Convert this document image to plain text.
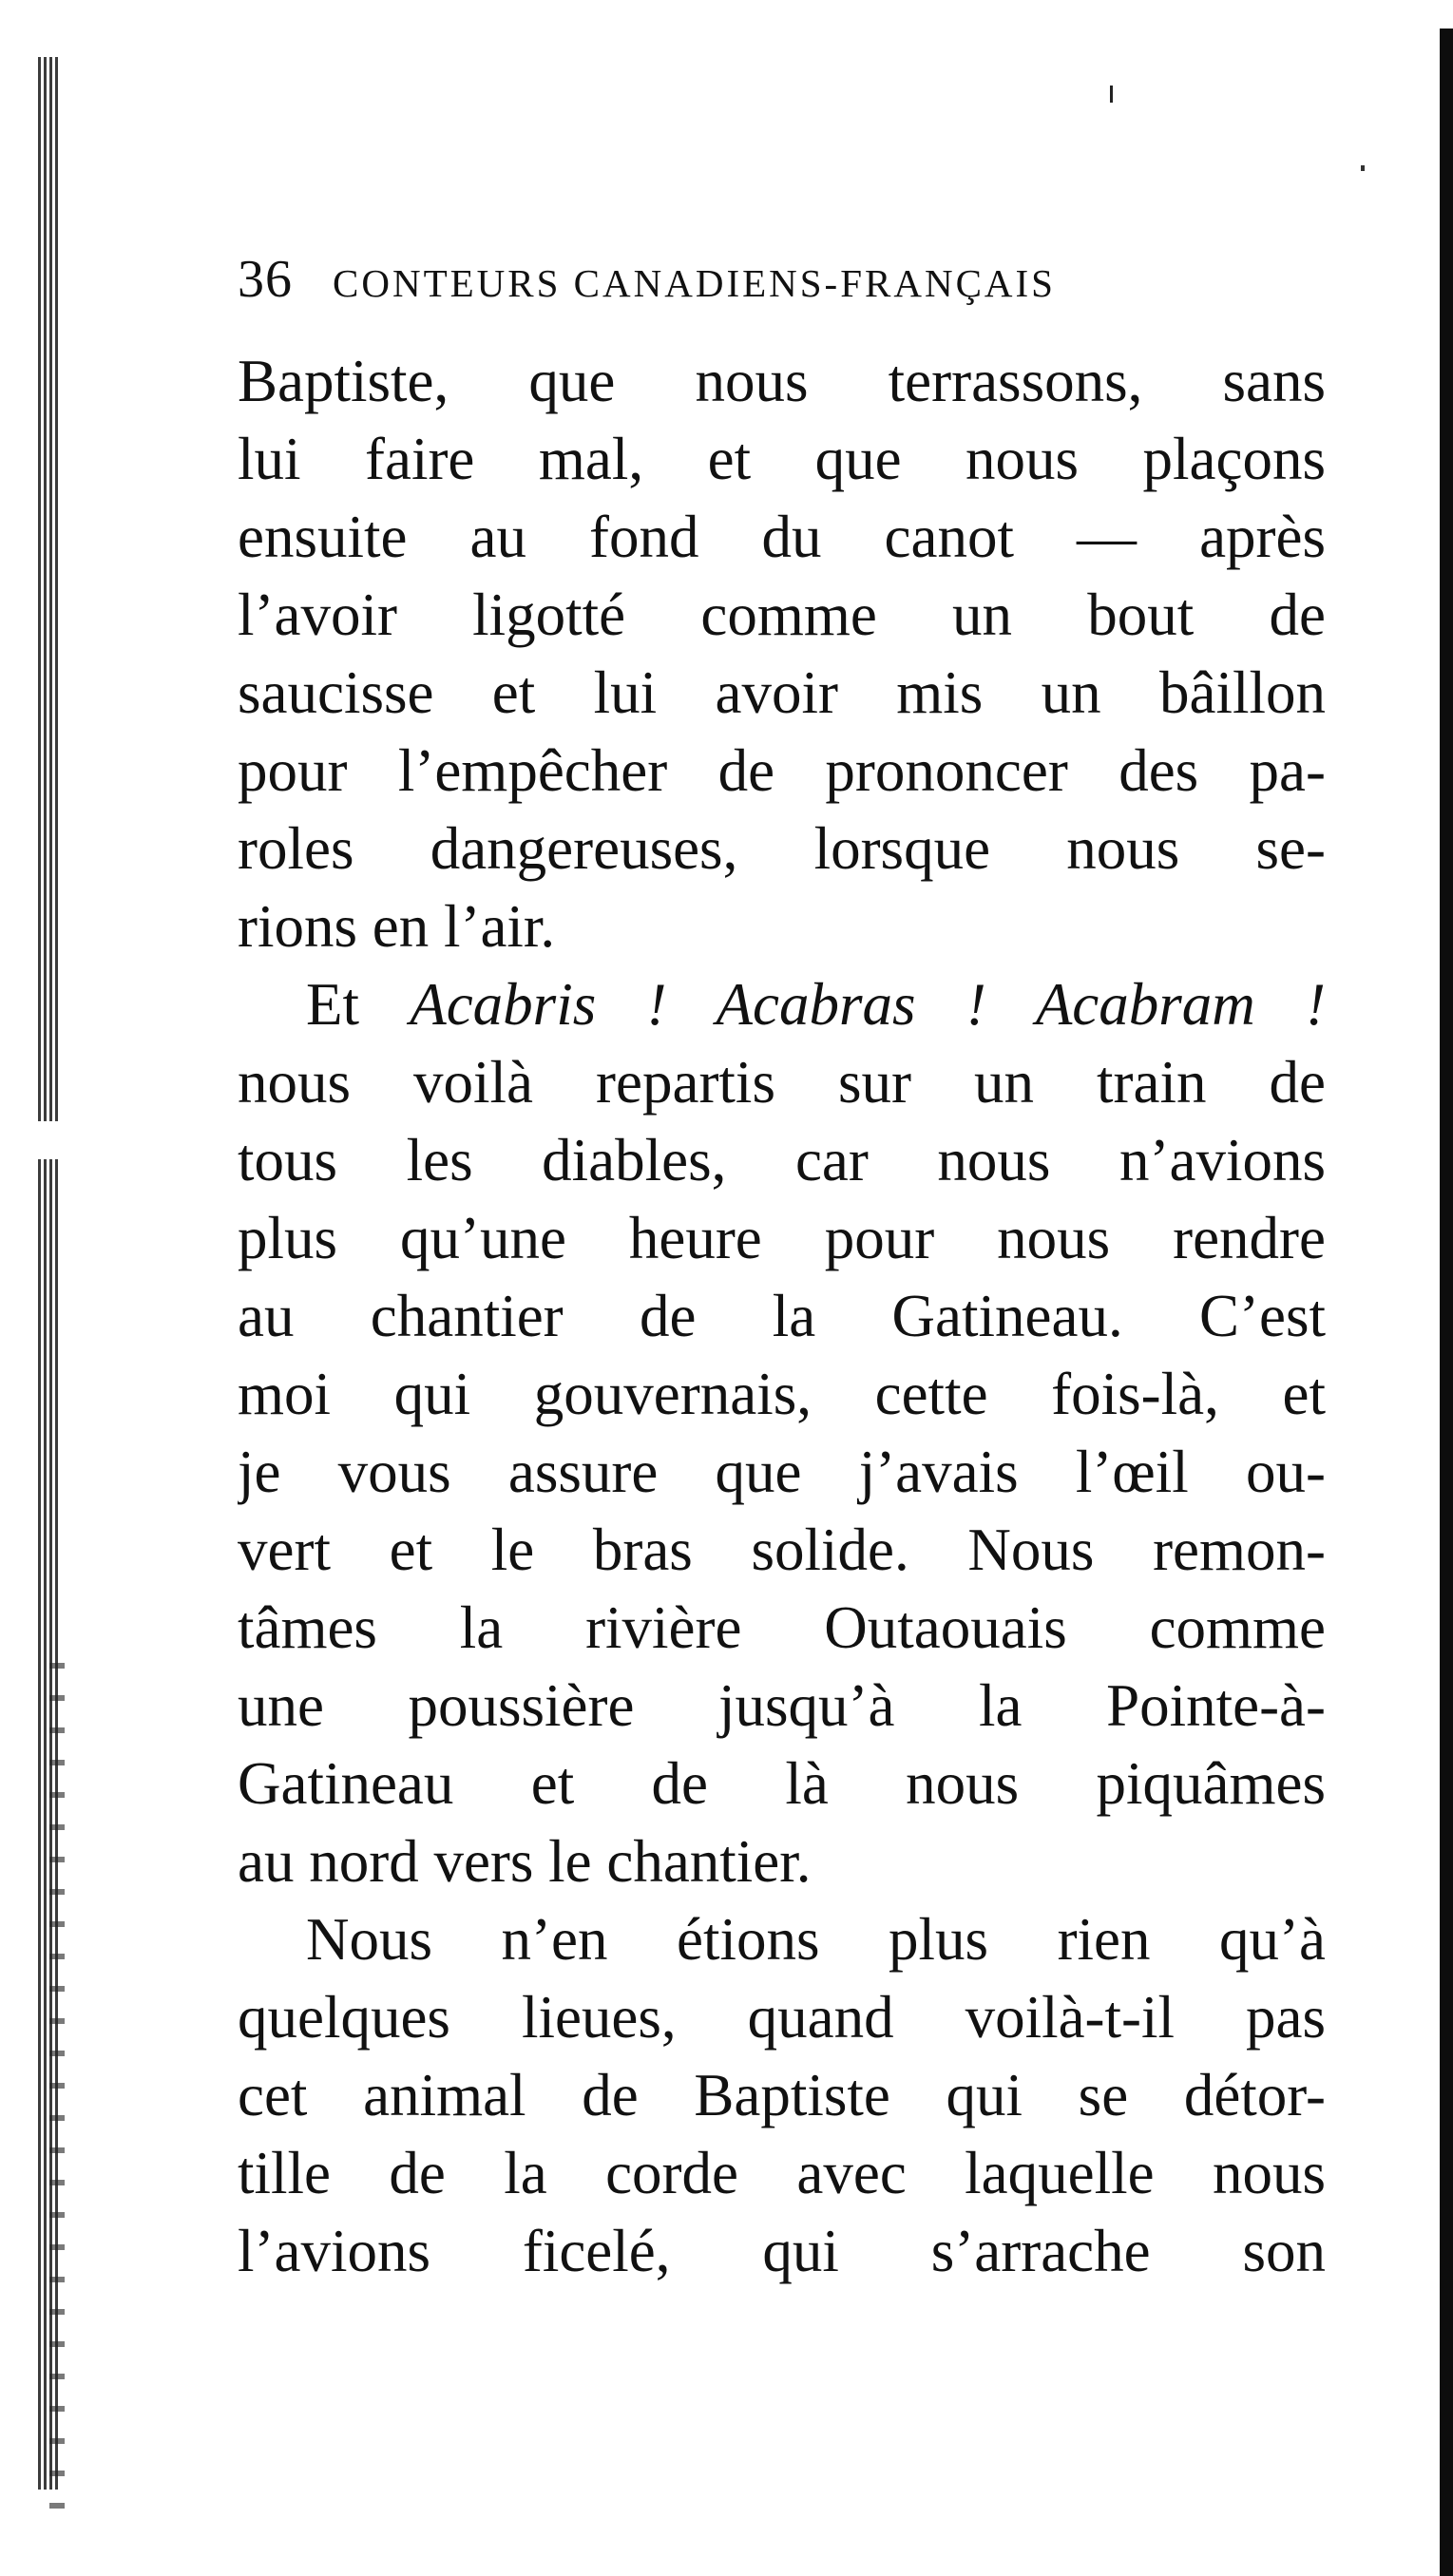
36 CONTEURS CANADIENS-FRANÇAIS
Baptiste, que nous terrassons, sans
lui faire mal, et que nous plaçons
ensuite au fond du canot — après
l’avoir ligotté comme un bout de
saucisse et lui avoir mis un bâillon
pour l’empêcher de prononcer des pa-
roles dangereuses, lorsque nous se-
rions en l’air.
Et Acabris ! Acabras ! Acabram !
nous voilà repartis sur un train de
tous les diables, car nous n’avions
plus qu’une heure pour nous rendre
au chantier de la Gatineau. C’est
moi qui gouvernais, cette fois-là, et
je vous assure que j’avais l’œil ou-
vert et le bras solide. Nous remon-
tâmes la rivière Outaouais comme
une poussière jusqu’à la Pointe-à-
Gatineau et de là nous piquâmes
au nord vers le chantier.
Nous n’en étions plus rien qu’à
quelques lieues, quand voilà-t-il pas
cet animal de Baptiste qui se détor-
tille de la corde avec laquelle nous
l’avions ficelé, qui s’arrache son
